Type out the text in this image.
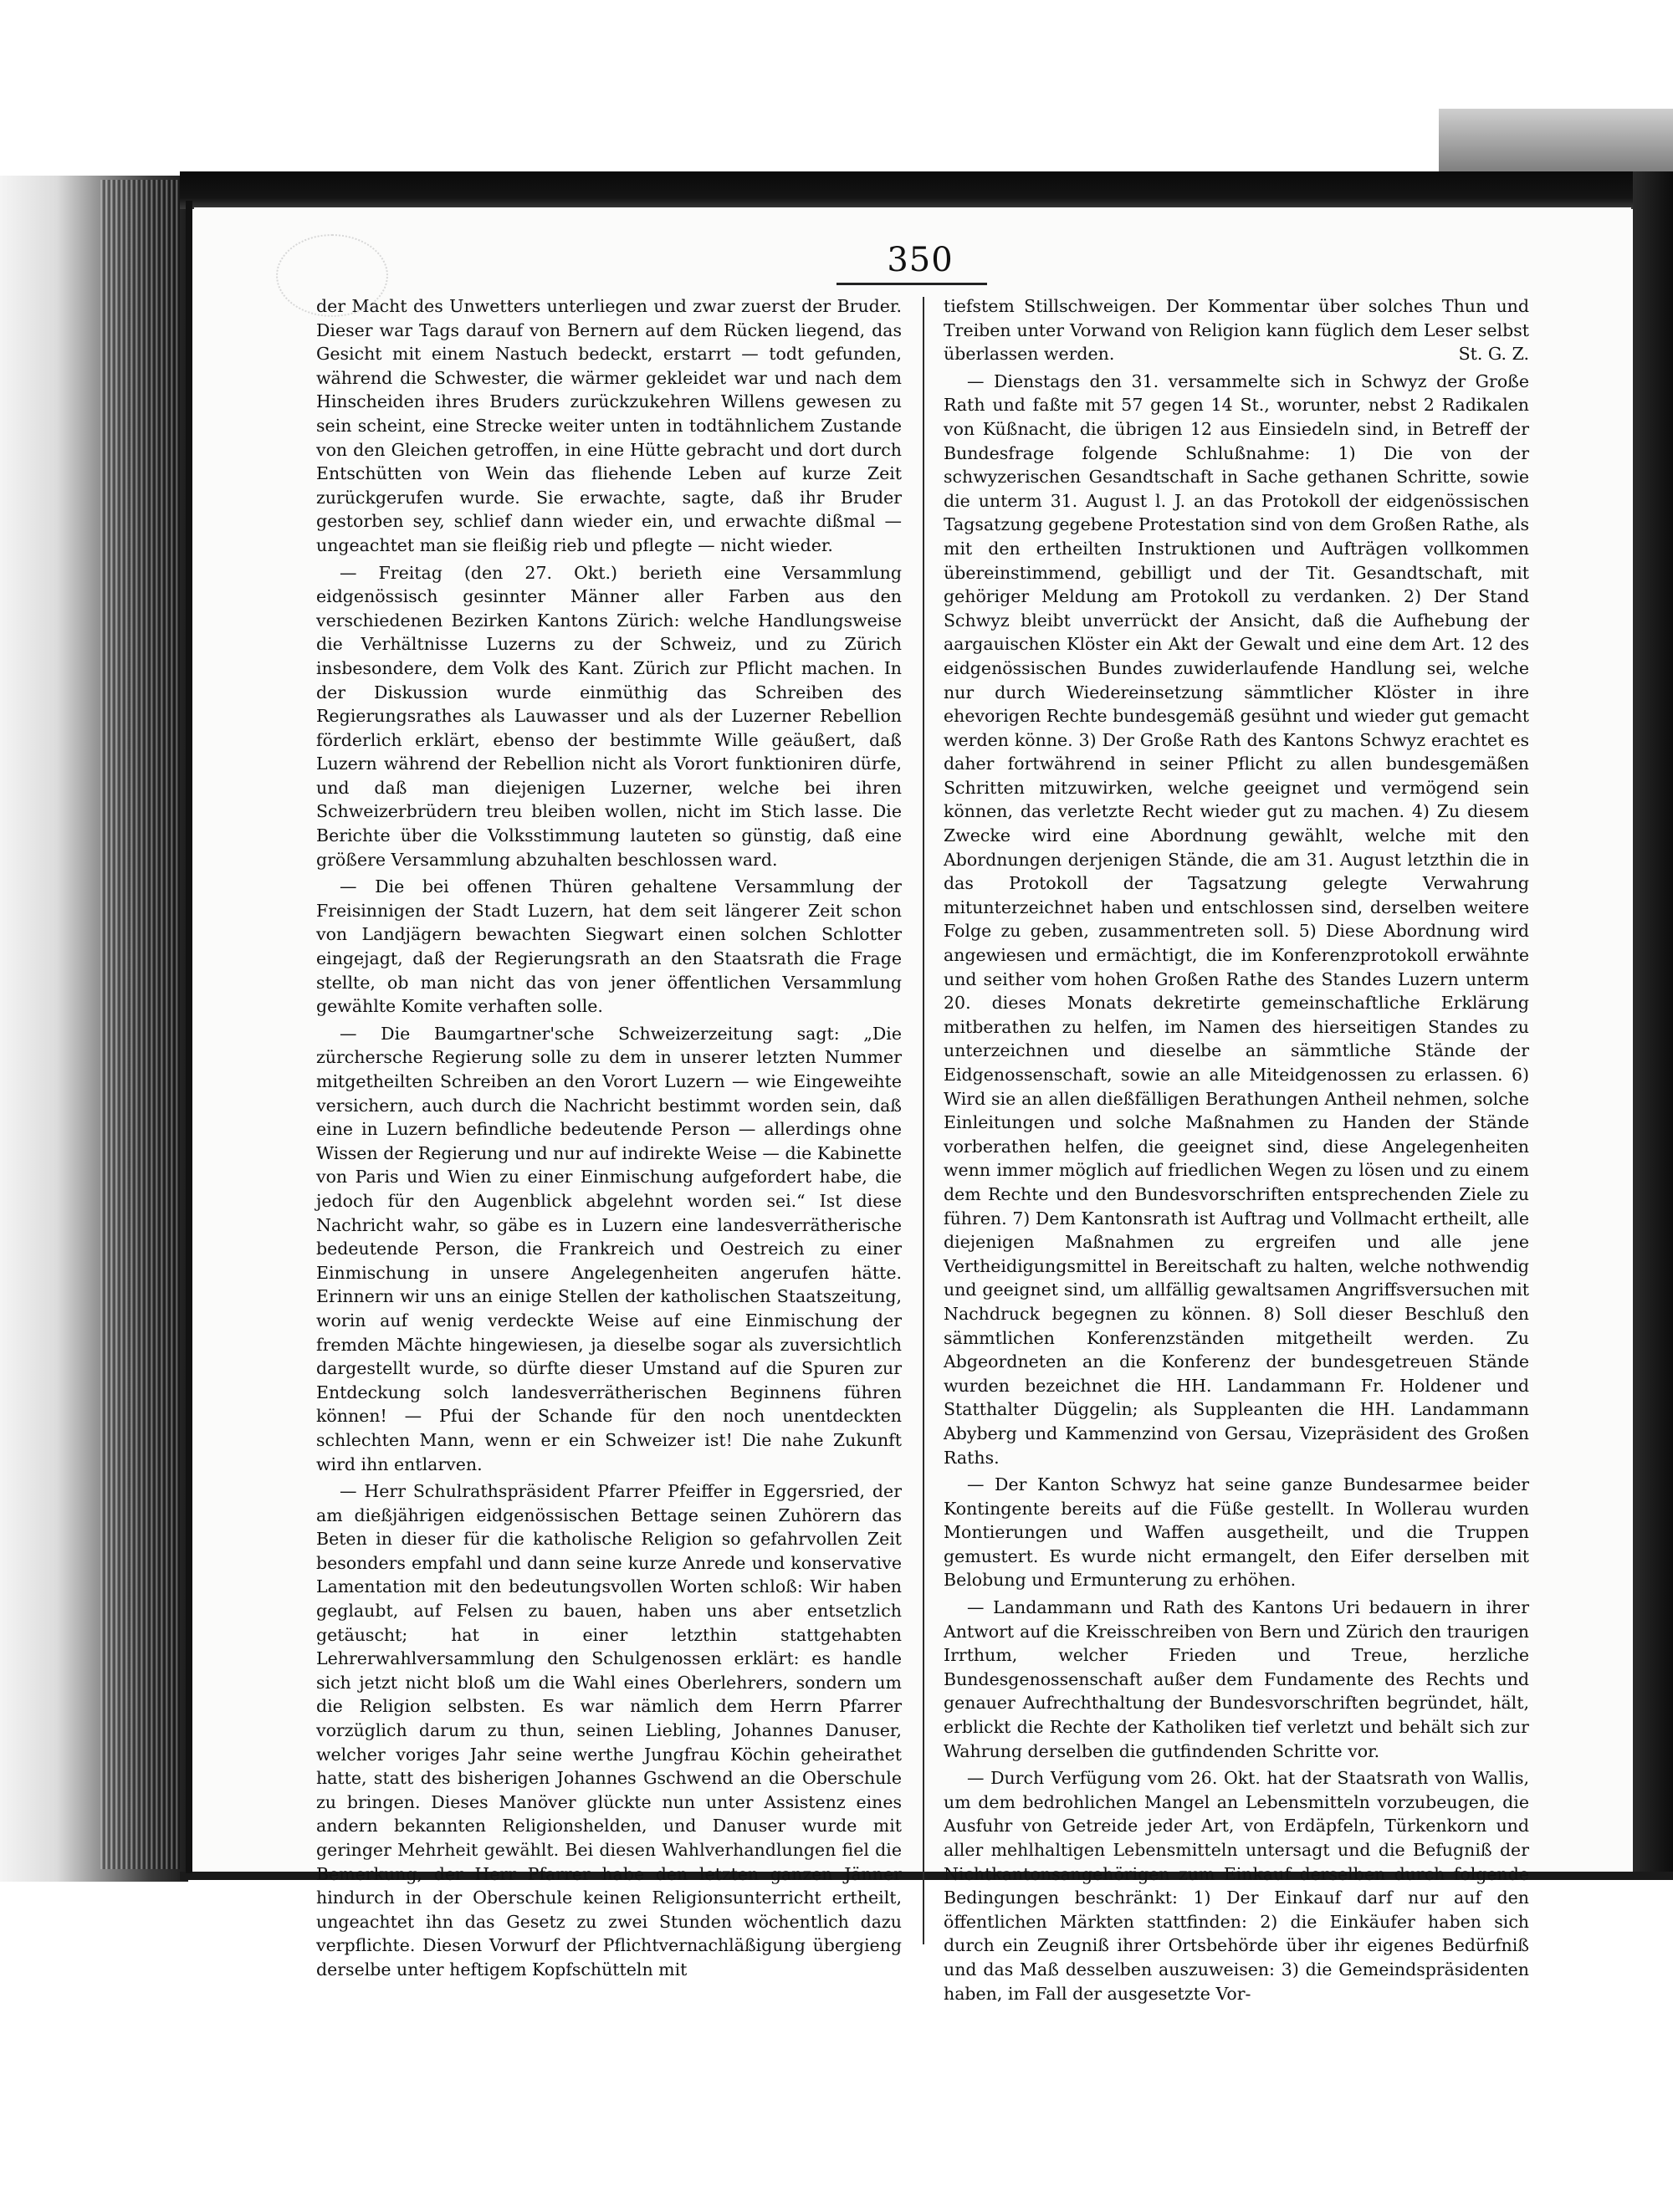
350

der Macht des Unwetters unterliegen und zwar zuerst der Bruder. Dieser war Tags darauf von Bernern auf dem Rücken liegend, das Gesicht mit einem Nastuch bedeckt, erstarrt — todt gefunden, während die Schwester, die wärmer gekleidet war und nach dem Hinscheiden ihres Bruders zurückzukehren Willens gewesen zu sein scheint, eine Strecke weiter unten in todtähnlichem Zustande von den Gleichen getroffen, in eine Hütte gebracht und dort durch Entschütten von Wein das fliehende Leben auf kurze Zeit zurückgerufen wurde. Sie erwachte, sagte, daß ihr Bruder gestorben sey, schlief dann wieder ein, und erwachte dißmal — ungeachtet man sie fleißig rieb und pflegte — nicht wieder.

— Freitag (den 27. Okt.) berieth eine Versammlung eidgenössisch gesinnter Männer aller Farben aus den verschiedenen Bezirken Kantons Zürich: welche Handlungsweise die Verhältnisse Luzerns zu der Schweiz, und zu Zürich insbesondere, dem Volk des Kant. Zürich zur Pflicht machen. In der Diskussion wurde einmüthig das Schreiben des Regierungsrathes als Lauwasser und als der Luzerner Rebellion förderlich erklärt, ebenso der bestimmte Wille geäußert, daß Luzern während der Rebellion nicht als Vorort funktioniren dürfe, und daß man diejenigen Luzerner, welche bei ihren Schweizerbrüdern treu bleiben wollen, nicht im Stich lasse. Die Berichte über die Volksstimmung lauteten so günstig, daß eine größere Versammlung abzuhalten beschlossen ward.

— Die bei offenen Thüren gehaltene Versammlung der Freisinnigen der Stadt Luzern, hat dem seit längerer Zeit schon von Landjägern bewachten Siegwart einen solchen Schlotter eingejagt, daß der Regierungsrath an den Staatsrath die Frage stellte, ob man nicht das von jener öffentlichen Versammlung gewählte Komite verhaften solle.

— Die Baumgartner'sche Schweizerzeitung sagt: „Die zürchersche Regierung solle zu dem in unserer letzten Nummer mitgetheilten Schreiben an den Vorort Luzern — wie Eingeweihte versichern, auch durch die Nachricht bestimmt worden sein, daß eine in Luzern befindliche bedeutende Person — allerdings ohne Wissen der Regierung und nur auf indirekte Weise — die Kabinette von Paris und Wien zu einer Einmischung aufgefordert habe, die jedoch für den Augenblick abgelehnt worden sei.“ Ist diese Nachricht wahr, so gäbe es in Luzern eine landesverrätherische bedeutende Person, die Frankreich und Oestreich zu einer Einmischung in unsere Angelegenheiten angerufen hätte. Erinnern wir uns an einige Stellen der katholischen Staatszeitung, worin auf wenig verdeckte Weise auf eine Einmischung der fremden Mächte hingewiesen, ja dieselbe sogar als zuversichtlich dargestellt wurde, so dürfte dieser Umstand auf die Spuren zur Entdeckung solch landesverrätherischen Beginnens führen können! — Pfui der Schande für den noch unentdeckten schlechten Mann, wenn er ein Schweizer ist! Die nahe Zukunft wird ihn entlarven.

— Herr Schulrathspräsident Pfarrer Pfeiffer in Eggersried, der am dießjährigen eidgenössischen Bettage seinen Zuhörern das Beten in dieser für die katholische Religion so gefahrvollen Zeit besonders empfahl und dann seine kurze Anrede und konservative Lamentation mit den bedeutungsvollen Worten schloß: Wir haben geglaubt, auf Felsen zu bauen, haben uns aber entsetzlich getäuscht; hat in einer letzthin stattgehabten Lehrerwahlversammlung den Schulgenossen erklärt: es handle sich jetzt nicht bloß um die Wahl eines Oberlehrers, sondern um die Religion selbsten. Es war nämlich dem Herrn Pfarrer vorzüglich darum zu thun, seinen Liebling, Johannes Danuser, welcher voriges Jahr seine werthe Jungfrau Köchin geheirathet hatte, statt des bisherigen Johannes Gschwend an die Oberschule zu bringen. Dieses Manöver glückte nun unter Assistenz eines andern bekannten Religionshelden, und Danuser wurde mit geringer Mehrheit gewählt. Bei diesen Wahlverhandlungen fiel die Bemerkung, der Herr Pfarrer habe den letzten ganzen Jänner hindurch in der Oberschule keinen Religionsunterricht ertheilt, ungeachtet ihn das Gesetz zu zwei Stunden wöchentlich dazu verpflichte. Diesen Vorwurf der Pflichtvernachläßigung übergieng derselbe unter heftigem Kopfschütteln mit

tiefstem Stillschweigen. Der Kommentar über solches Thun und Treiben unter Vorwand von Religion kann füglich dem Leser selbst überlassen werden.	St. G. Z.

— Dienstags den 31. versammelte sich in Schwyz der Große Rath und faßte mit 57 gegen 14 St., worunter, nebst 2 Radikalen von Küßnacht, die übrigen 12 aus Einsiedeln sind, in Betreff der Bundesfrage folgende Schlußnahme: 1) Die von der schwyzerischen Gesandtschaft in Sache gethanen Schritte, sowie die unterm 31. August l. J. an das Protokoll der eidgenössischen Tagsatzung gegebene Protestation sind von dem Großen Rathe, als mit den ertheilten Instruktionen und Aufträgen vollkommen übereinstimmend, gebilligt und der Tit. Gesandtschaft, mit gehöriger Meldung am Protokoll zu verdanken. 2) Der Stand Schwyz bleibt unverrückt der Ansicht, daß die Aufhebung der aargauischen Klöster ein Akt der Gewalt und eine dem Art. 12 des eidgenössischen Bundes zuwiderlaufende Handlung sei, welche nur durch Wiedereinsetzung sämmtlicher Klöster in ihre ehevorigen Rechte bundesgemäß gesühnt und wieder gut gemacht werden könne. 3) Der Große Rath des Kantons Schwyz erachtet es daher fortwährend in seiner Pflicht zu allen bundesgemäßen Schritten mitzuwirken, welche geeignet und vermögend sein können, das verletzte Recht wieder gut zu machen. 4) Zu diesem Zwecke wird eine Abordnung gewählt, welche mit den Abordnungen derjenigen Stände, die am 31. August letzthin die in das Protokoll der Tagsatzung gelegte Verwahrung mitunterzeichnet haben und entschlossen sind, derselben weitere Folge zu geben, zusammentreten soll. 5) Diese Abordnung wird angewiesen und ermächtigt, die im Konferenzprotokoll erwähnte und seither vom hohen Großen Rathe des Standes Luzern unterm 20. dieses Monats dekretirte gemeinschaftliche Erklärung mitberathen zu helfen, im Namen des hierseitigen Standes zu unterzeichnen und dieselbe an sämmtliche Stände der Eidgenossenschaft, sowie an alle Miteidgenossen zu erlassen. 6) Wird sie an allen dießfälligen Berathungen Antheil nehmen, solche Einleitungen und solche Maßnahmen zu Handen der Stände vorberathen helfen, die geeignet sind, diese Angelegenheiten wenn immer möglich auf friedlichen Wegen zu lösen und zu einem dem Rechte und den Bundesvorschriften entsprechenden Ziele zu führen. 7) Dem Kantonsrath ist Auftrag und Vollmacht ertheilt, alle diejenigen Maßnahmen zu ergreifen und alle jene Vertheidigungsmittel in Bereitschaft zu halten, welche nothwendig und geeignet sind, um allfällig gewaltsamen Angriffsversuchen mit Nachdruck begegnen zu können. 8) Soll dieser Beschluß den sämmtlichen Konferenzständen mitgetheilt werden. Zu Abgeordneten an die Konferenz der bundesgetreuen Stände wurden bezeichnet die HH. Landammann Fr. Holdener und Statthalter Düggelin; als Suppleanten die HH. Landammann Abyberg und Kammenzind von Gersau, Vizepräsident des Großen Raths.

— Der Kanton Schwyz hat seine ganze Bundesarmee beider Kontingente bereits auf die Füße gestellt. In Wollerau wurden Montierungen und Waffen ausgetheilt, und die Truppen gemustert. Es wurde nicht ermangelt, den Eifer derselben mit Belobung und Ermunterung zu erhöhen.

— Landammann und Rath des Kantons Uri bedauern in ihrer Antwort auf die Kreisschreiben von Bern und Zürich den traurigen Irrthum, welcher Frieden und Treue, herzliche Bundesgenossenschaft außer dem Fundamente des Rechts und genauer Aufrechthaltung der Bundesvorschriften begründet, hält, erblickt die Rechte der Katholiken tief verletzt und behält sich zur Wahrung derselben die gutfindenden Schritte vor.

— Durch Verfügung vom 26. Okt. hat der Staatsrath von Wallis, um dem bedrohlichen Mangel an Lebensmitteln vorzubeugen, die Ausfuhr von Getreide jeder Art, von Erdäpfeln, Türkenkorn und aller mehlhaltigen Lebensmitteln untersagt und die Befugniß der Nichtkantonsangehörigen zum Einkauf derselben durch folgende Bedingungen beschränkt: 1) Der Einkauf darf nur auf den öffentlichen Märkten stattfinden: 2) die Einkäufer haben sich durch ein Zeugniß ihrer Ortsbehörde über ihr eigenes Bedürfniß und das Maß desselben auszuweisen: 3) die Gemeindspräsidenten haben, im Fall der ausgesetzte Vor-
